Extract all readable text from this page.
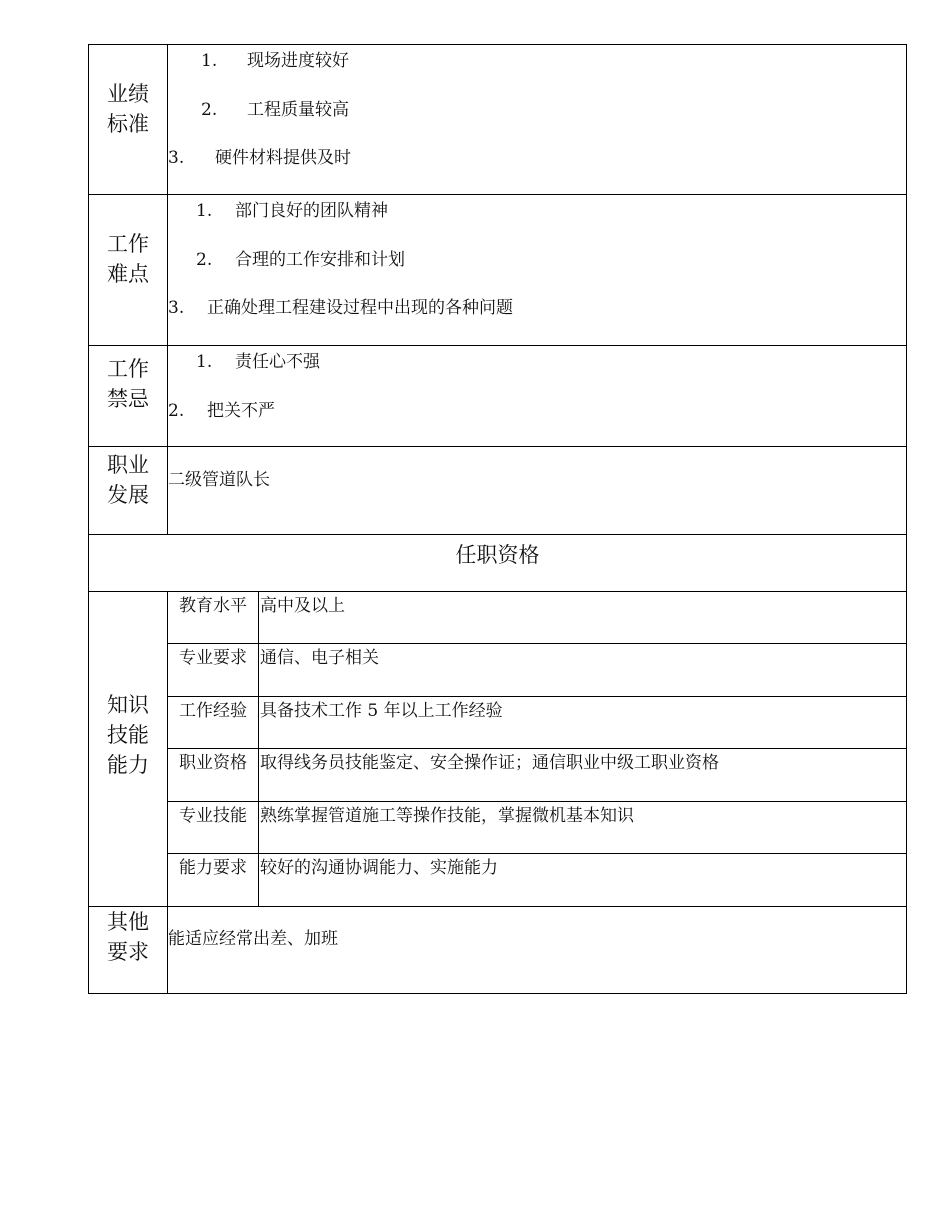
业绩
标准
1. 现场进度较好
2. 工程质量较高
3. 硬件材料提供及时
工作
难点
1. 部门良好的团队精神
2. 合理的工作安排和计划
3. 正确处理工程建设过程中出现的各种问题
工作
禁忌
1. 责任心不强
2. 把关不严
职业
发展
二级管道队长
任职资格
知识
技能
能力
教育水平 高中及以上
专业要求 通信、电子相关
工作经验 具备技术工作 5 年以上工作经验
职业资格 取得线务员技能鉴定、安全操作证；通信职业中级工职业资格
专业技能 熟练掌握管道施工等操作技能，掌握微机基本知识
能力要求 较好的沟通协调能力、实施能力
其他
要求
能适应经常出差、加班
